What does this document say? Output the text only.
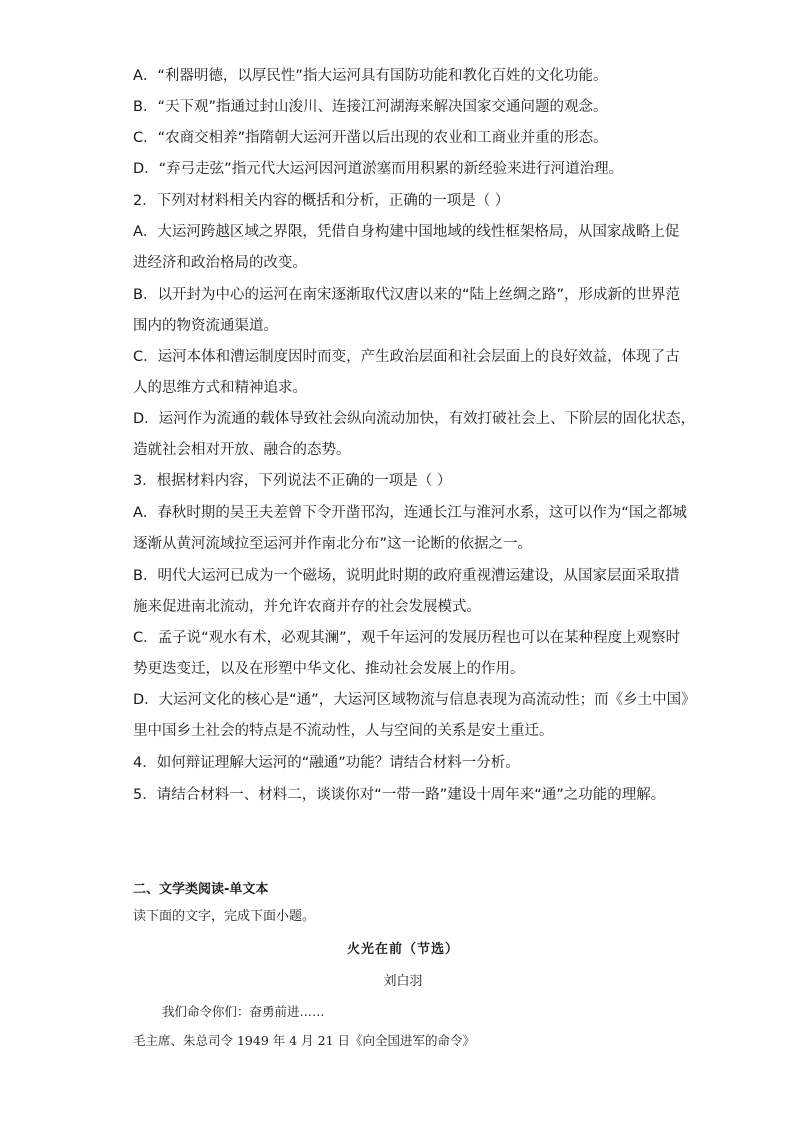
A．“利器明德，以厚民性”指大运河具有国防功能和教化百姓的文化功能。
B．“天下观”指通过封山浚川、连接江河湖海来解决国家交通问题的观念。
C．“农商交相养”指隋朝大运河开凿以后出现的农业和工商业并重的形态。
D．“弃弓走弦”指元代大运河因河道淤塞而用积累的新经验来进行河道治理。
2．下列对材料相关内容的概括和分析，正确的一项是（ ）
A．大运河跨越区域之界限，凭借自身构建中国地域的线性框架格局，从国家战略上促
进经济和政治格局的改变。
B．以开封为中心的运河在南宋逐渐取代汉唐以来的“陆上丝绸之路”，形成新的世界范
围内的物资流通渠道。
C．运河本体和漕运制度因时而变，产生政治层面和社会层面上的良好效益，体现了古
人的思维方式和精神追求。
D．运河作为流通的载体导致社会纵向流动加快，有效打破社会上、下阶层的固化状态，
造就社会相对开放、融合的态势。
3．根据材料内容，下列说法不正确的一项是（ ）
A．春秋时期的吴王夫差曾下令开凿邗沟，连通长江与淮河水系，这可以作为“国之都城
逐渐从黄河流域拉至运河并作南北分布”这一论断的依据之一。
B．明代大运河已成为一个磁场，说明此时期的政府重视漕运建设，从国家层面采取措
施来促进南北流动，并允许农商并存的社会发展模式。
C．孟子说“观水有术，必观其澜”，观千年运河的发展历程也可以在某种程度上观察时
势更迭变迁，以及在形塑中华文化、推动社会发展上的作用。
D．大运河文化的核心是“通”，大运河区域物流与信息表现为高流动性；而《乡土中国》
里中国乡土社会的特点是不流动性，人与空间的关系是安土重迁。
4．如何辩证理解大运河的“融通”功能？请结合材料一分析。
5．请结合材料一、材料二，谈谈你对“一带一路”建设十周年来“通”之功能的理解。
二、文学类阅读-单文本
读下面的文字，完成下面小题。
火光在前（节选）
刘白羽
我们命令你们：奋勇前进……
毛主席、朱总司令 1949 年 4 月 21 日《向全国进军的命令》
